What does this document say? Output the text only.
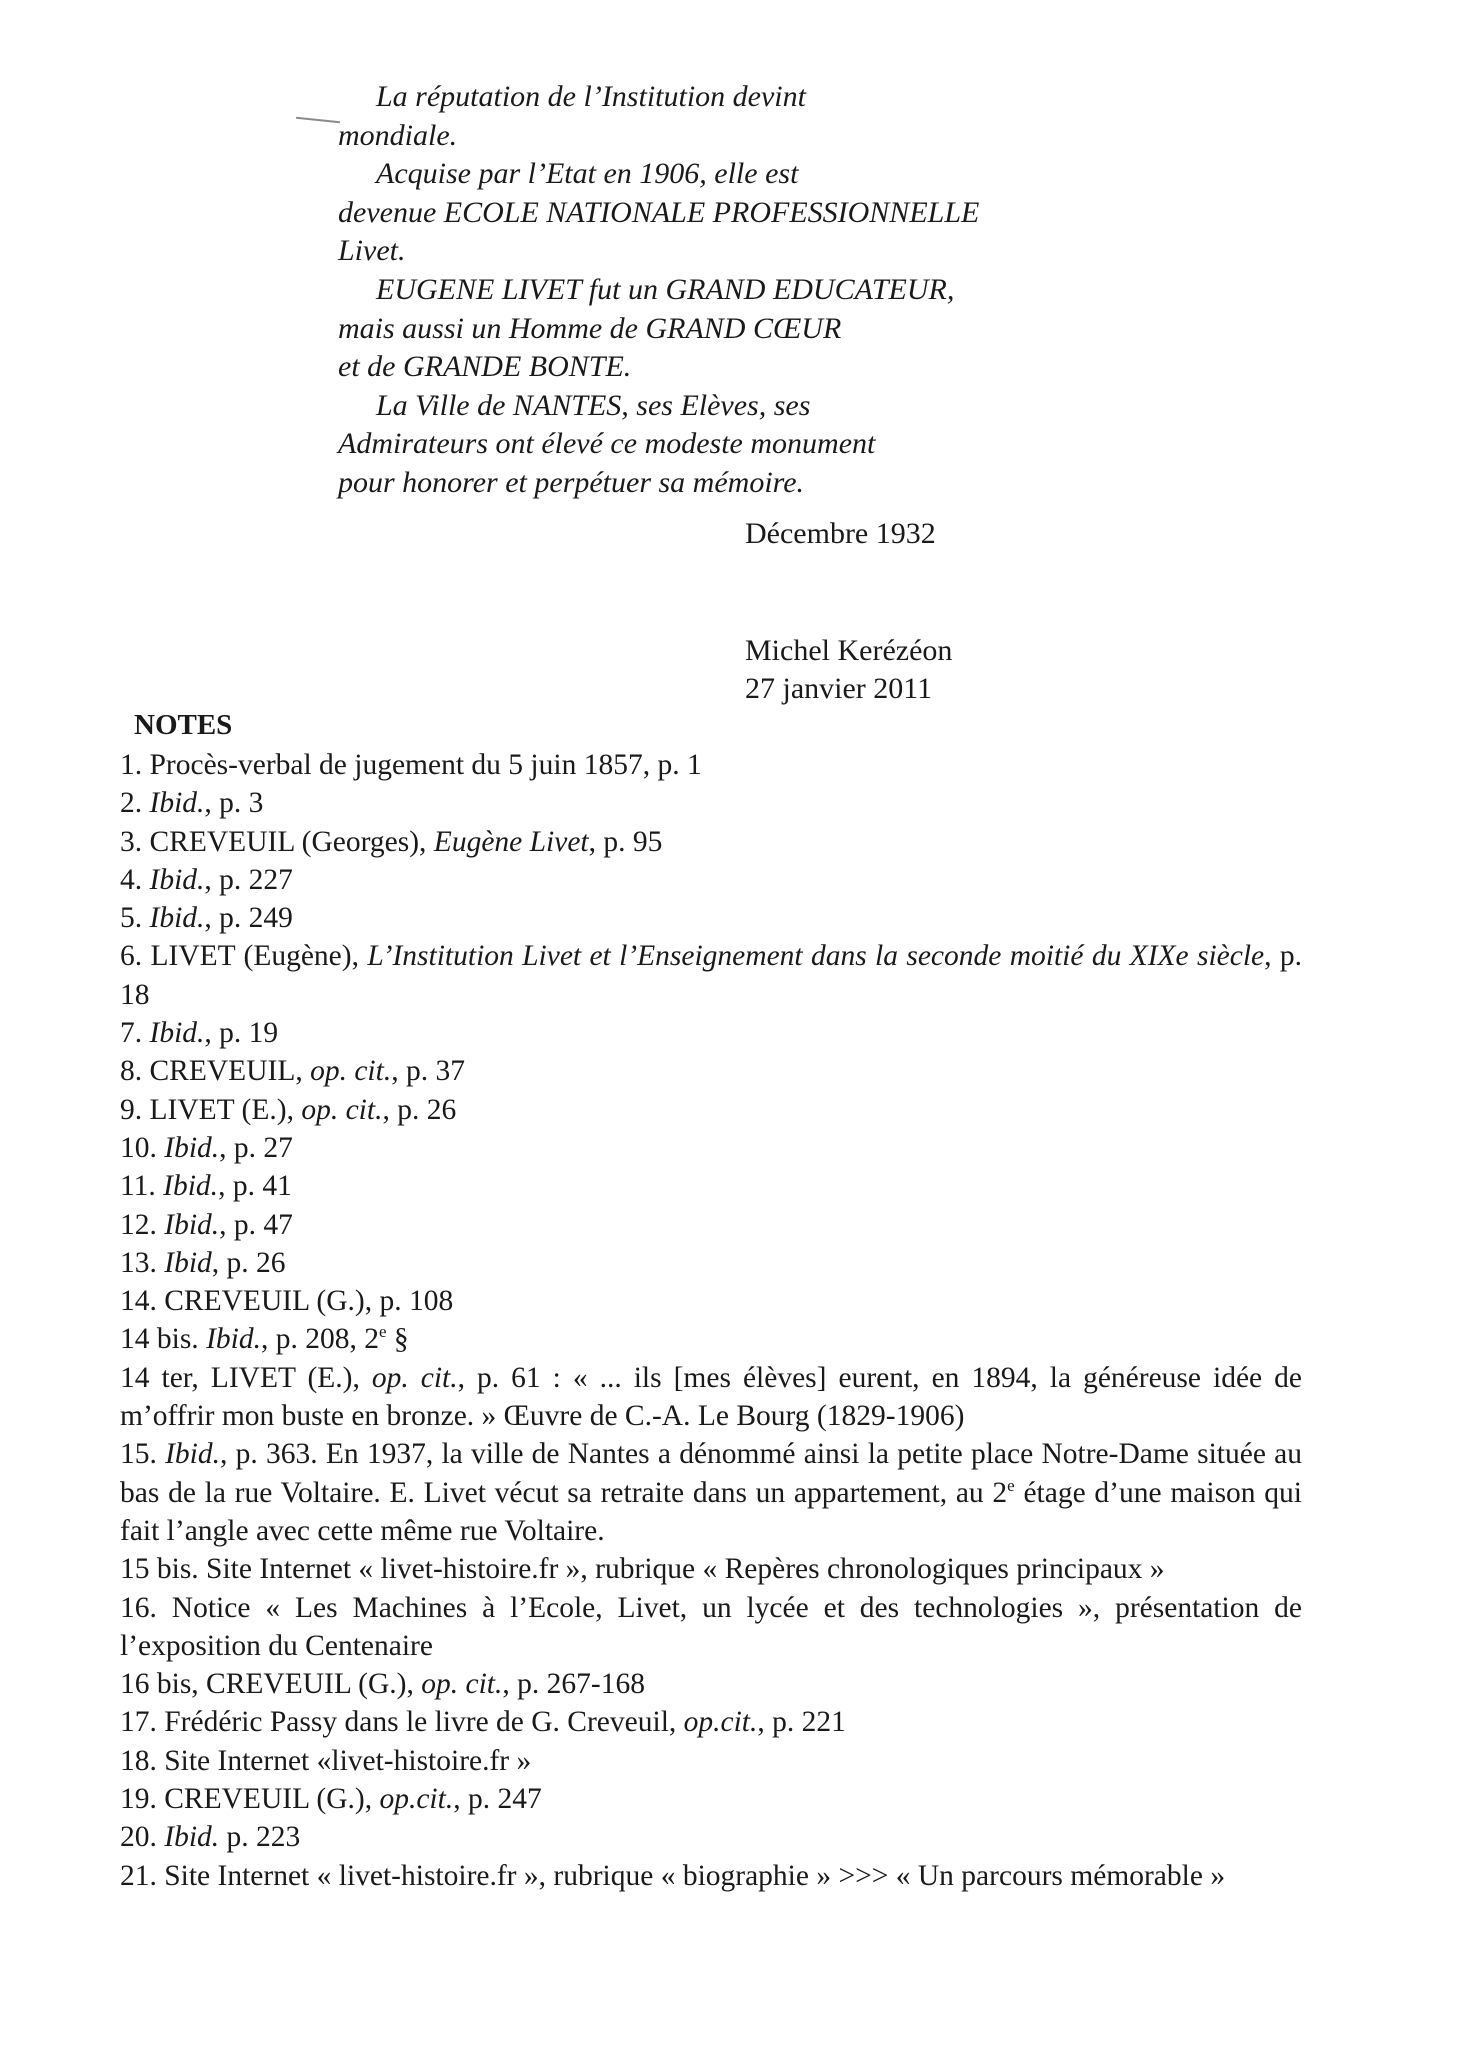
La réputation de l’Institution devint
mondiale.
Acquise par l’Etat en 1906, elle est
devenue ECOLE NATIONALE PROFESSIONNELLE
Livet.
EUGENE LIVET fut un GRAND EDUCATEUR,
mais aussi un Homme de GRAND CŒUR
et de GRANDE BONTE.
La Ville de NANTES, ses Elèves, ses
Admirateurs ont élevé ce modeste monument
pour honorer et perpétuer sa mémoire.
Décembre 1932
Michel Kerézéon
27 janvier 2011
NOTES
1. Procès-verbal de jugement du 5 juin 1857, p. 1
2. Ibid., p. 3
3. CREVEUIL (Georges), Eugène Livet, p. 95
4. Ibid., p. 227
5. Ibid., p. 249
6. LIVET (Eugène), L’Institution Livet et l’Enseignement dans la seconde moitié du XIXe siècle, p. 18
7. Ibid., p. 19
8. CREVEUIL, op. cit., p. 37
9. LIVET (E.), op. cit., p. 26
10. Ibid., p. 27
11. Ibid., p. 41
12. Ibid., p. 47
13. Ibid, p. 26
14. CREVEUIL (G.), p. 108
14 bis. Ibid., p. 208, 2e §
14 ter, LIVET (E.), op. cit., p. 61 : « ... ils [mes élèves] eurent, en 1894, la généreuse idée de m’offrir mon buste en bronze. » Œuvre de C.-A. Le Bourg (1829-1906)
15. Ibid., p. 363. En 1937, la ville de Nantes a dénommé ainsi la petite place Notre-Dame située au bas de la rue Voltaire. E. Livet vécut sa retraite dans un appartement, au 2e étage d’une maison qui fait l’angle avec cette même rue Voltaire.
15 bis. Site Internet « livet-histoire.fr », rubrique « Repères chronologiques principaux »
16. Notice « Les Machines à l’Ecole, Livet, un lycée et des technologies », présentation de l’exposition du Centenaire
16 bis, CREVEUIL (G.), op. cit., p. 267-168
17. Frédéric Passy dans le livre de G. Creveuil, op.cit., p. 221
18. Site Internet «livet-histoire.fr »
19. CREVEUIL (G.), op.cit., p. 247
20. Ibid. p. 223
21. Site Internet « livet-histoire.fr », rubrique « biographie » >>> « Un parcours mémorable »
